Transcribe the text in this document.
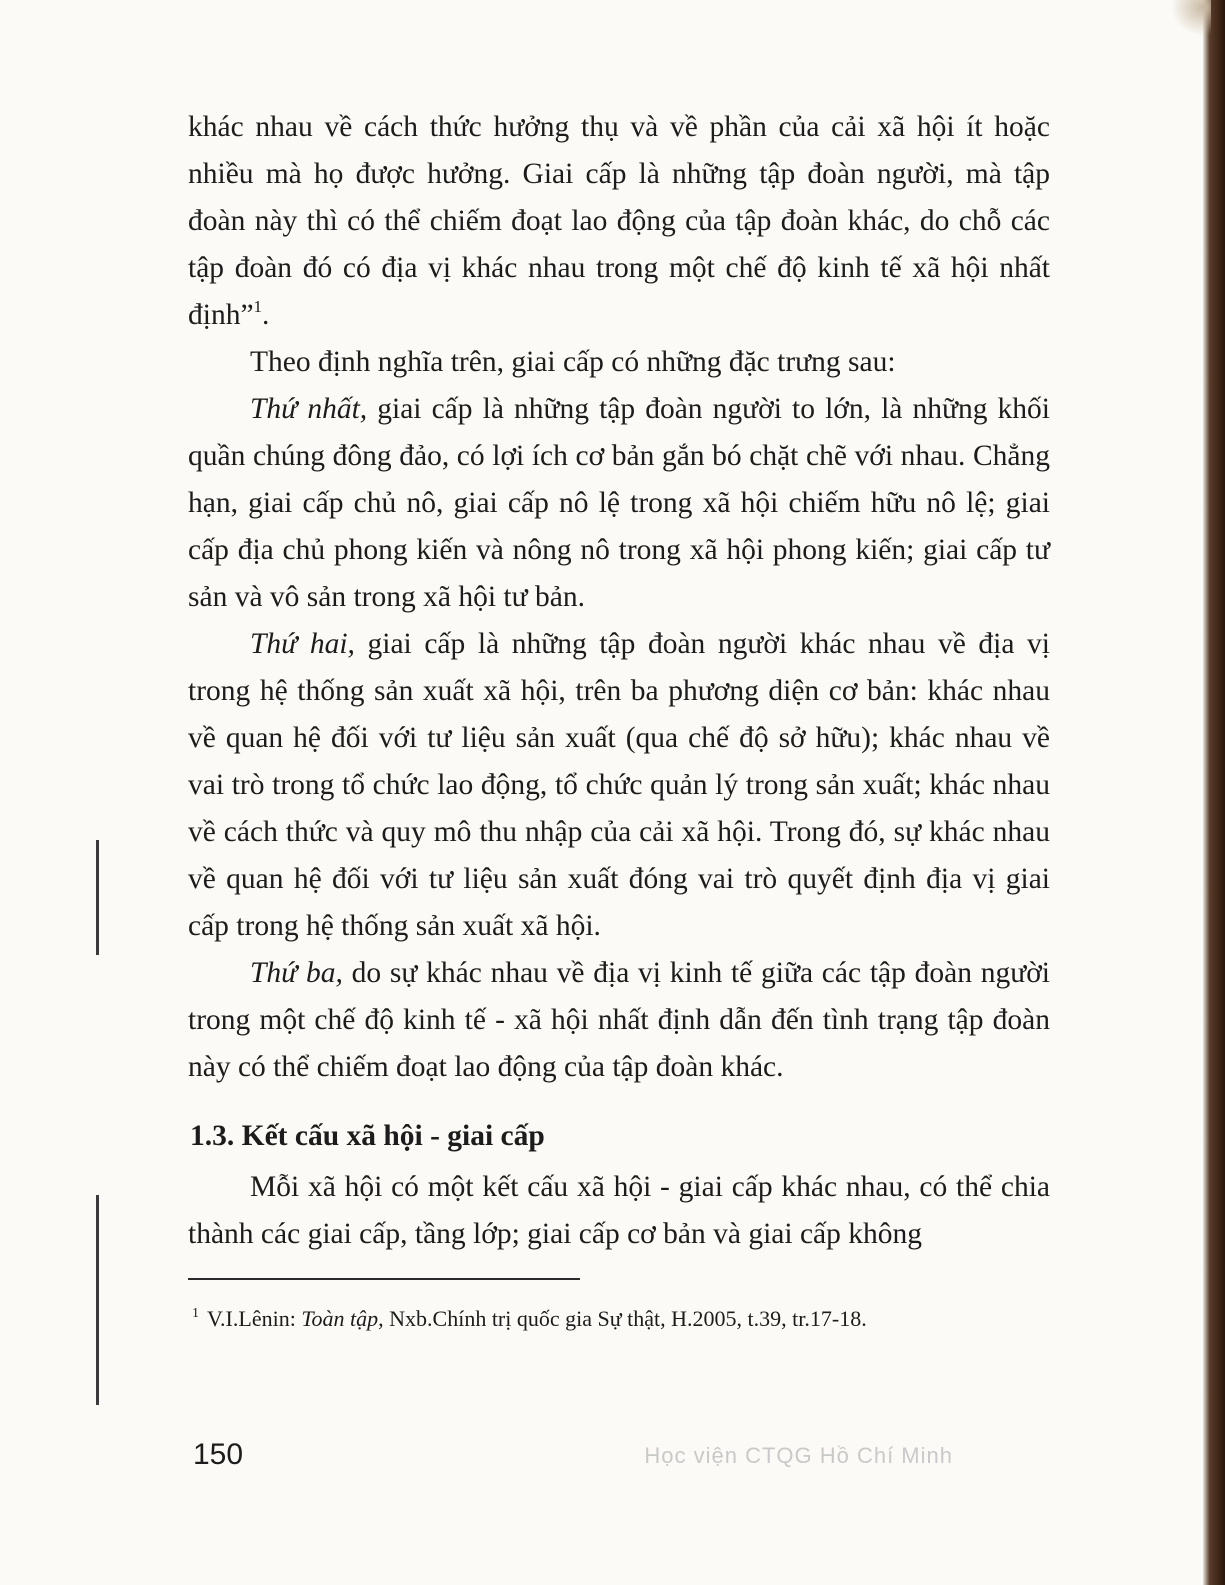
khác nhau về cách thức hưởng thụ và về phần của cải xã hội ít hoặc nhiều mà họ được hưởng. Giai cấp là những tập đoàn người, mà tập đoàn này thì có thể chiếm đoạt lao động của tập đoàn khác, do chỗ các tập đoàn đó có địa vị khác nhau trong một chế độ kinh tế xã hội nhất định”$^1$.

Theo định nghĩa trên, giai cấp có những đặc trưng sau:

Thứ nhất, giai cấp là những tập đoàn người to lớn, là những khối quần chúng đông đảo, có lợi ích cơ bản gắn bó chặt chẽ với nhau. Chẳng hạn, giai cấp chủ nô, giai cấp nô lệ trong xã hội chiếm hữu nô lệ; giai cấp địa chủ phong kiến và nông nô trong xã hội phong kiến; giai cấp tư sản và vô sản trong xã hội tư bản.

Thứ hai, giai cấp là những tập đoàn người khác nhau về địa vị trong hệ thống sản xuất xã hội, trên ba phương diện cơ bản: khác nhau về quan hệ đối với tư liệu sản xuất (qua chế độ sở hữu); khác nhau về vai trò trong tổ chức lao động, tổ chức quản lý trong sản xuất; khác nhau về cách thức và quy mô thu nhập của cải xã hội. Trong đó, sự khác nhau về quan hệ đối với tư liệu sản xuất đóng vai trò quyết định địa vị giai cấp trong hệ thống sản xuất xã hội.

Thứ ba, do sự khác nhau về địa vị kinh tế giữa các tập đoàn người trong một chế độ kinh tế - xã hội nhất định dẫn đến tình trạng tập đoàn này có thể chiếm đoạt lao động của tập đoàn khác.

1.3. Kết cấu xã hội - giai cấp

Mỗi xã hội có một kết cấu xã hội - giai cấp khác nhau, có thể chia thành các giai cấp, tầng lớp; giai cấp cơ bản và giai cấp không

$^1$ V.I.Lênin: Toàn tập, Nxb.Chính trị quốc gia Sự thật, H.2005, t.39, tr.17-18.
150	Học viện CTQG Hồ Chí Minh
